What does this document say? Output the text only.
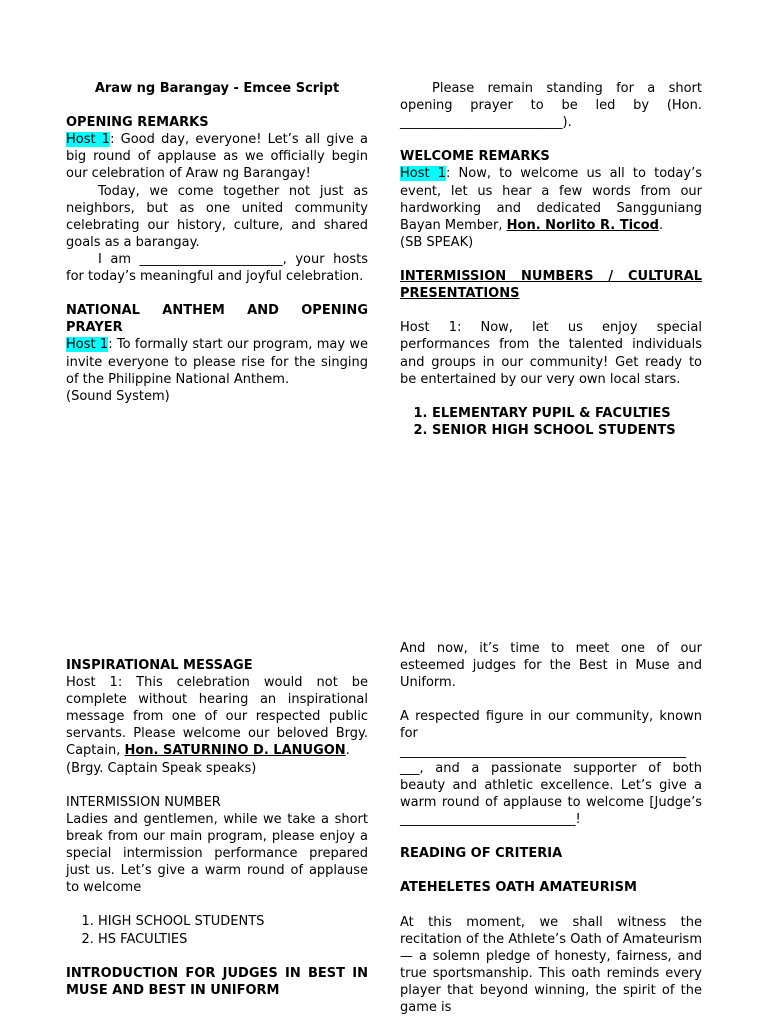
Araw ng Barangay - Emcee Script

OPENING REMARKS

Host 1: Good day, everyone! Let’s all give a big round of applause as we officially begin our celebration of Araw ng Barangay!

Today, we come together not just as neighbors, but as one united community celebrating our history, culture, and shared goals as a barangay.

I am ______________________, your hosts for today’s meaningful and joyful celebration.

NATIONAL ANTHEM AND OPENING PRAYER

Host 1: To formally start our program, may we invite everyone to please rise for the singing of the Philippine National Anthem.

(Sound System)

Please remain standing for a short opening prayer to be led by (Hon. _________________________).

WELCOME REMARKS

Host 1: Now, to welcome us all to today’s event, let us hear a few words from our hardworking and dedicated Sangguniang Bayan Member, Hon. Norlito R. Ticod.

(SB SPEAK)

INTERMISSION NUMBERS / CULTURAL PRESENTATIONS

Host 1: Now, let us enjoy special performances from the talented individuals and groups in our community! Get ready to be entertained by our very own local stars.

1. ELEMENTARY PUPIL & FACULTIES
2. SENIOR HIGH SCHOOL STUDENTS

INSPIRATIONAL MESSAGE

Host 1: This celebration would not be complete without hearing an inspirational message from one of our respected public servants. Please welcome our beloved Brgy. Captain, Hon. SATURNINO D. LANUGON.

(Brgy. Captain Speak speaks)

INTERMISSION NUMBER

Ladies and gentlemen, while we take a short break from our main program, please enjoy a special intermission performance prepared just us. Let’s give a warm round of applause to welcome

1. HIGH SCHOOL STUDENTS
2. HS FACULTIES

INTRODUCTION FOR JUDGES IN BEST IN MUSE AND BEST IN UNIFORM

And now, it’s time to meet one of our esteemed judges for the Best in Muse and Uniform.

A respected figure in our community, known for
____________________________________________
___, and a passionate supporter of both beauty and athletic excellence. Let’s give a warm round of applause to welcome [Judge’s ___________________________!

READING OF CRITERIA

ATEHELETES OATH AMATEURISM

At this moment, we shall witness the recitation of the Athlete’s Oath of Amateurism — a solemn pledge of honesty, fairness, and true sportsmanship. This oath reminds every player that beyond winning, the spirit of the game is
